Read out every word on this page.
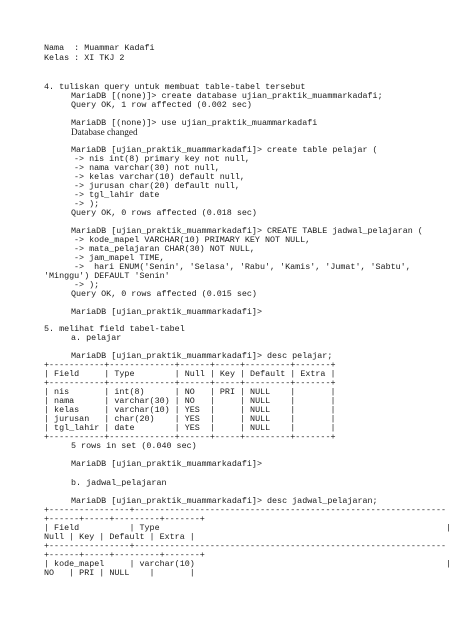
Nama  : Muammar Kadafi
Kelas : XI TKJ 2
4. tuliskan query untuk membuat table-tabel tersebut
MariaDB [(none)]> create database ujian_praktik_muammarkadafi;
Query OK, 1 row affected (0.002 sec)
MariaDB [(none)]> use ujian_praktik_muammarkadafi
Database changed
MariaDB [ujian_praktik_muammarkadafi]> create table pelajar (
-> nis int(8) primary key not null,
-> nama varchar(30) not null,
-> kelas varchar(10) default null,
-> jurusan char(20) default null,
-> tgl_lahir date
-> );
Query OK, 0 rows affected (0.018 sec)
MariaDB [ujian_praktik_muammarkadafi]> CREATE TABLE jadwal_pelajaran (
-> kode_mapel VARCHAR(10) PRIMARY KEY NOT NULL,
-> mata_pelajaran CHAR(30) NOT NULL,
-> jam_mapel TIME,
->  hari ENUM('Senin', 'Selasa', 'Rabu', 'Kamis', 'Jumat', 'Sabtu',
'Minggu') DEFAULT 'Senin'
-> );
Query OK, 0 rows affected (0.015 sec)
MariaDB [ujian_praktik_muammarkadafi]>
5. melihat field tabel-tabel
a. pelajar
MariaDB [ujian_praktik_muammarkadafi]> desc pelajar;
+-----------+-------------+------+-----+---------+-------+
| Field     | Type        | Null | Key | Default | Extra |
+-----------+-------------+------+-----+---------+-------+
| nis       | int(8)      | NO   | PRI | NULL    |       |
| nama      | varchar(30) | NO   |     | NULL    |       |
| kelas     | varchar(10) | YES  |     | NULL    |       |
| jurusan   | char(20)    | YES  |     | NULL    |       |
| tgl_lahir | date        | YES  |     | NULL    |       |
+-----------+-------------+------+-----+---------+-------+
5 rows in set (0.040 sec)
MariaDB [ujian_praktik_muammarkadafi]>
b. jadwal_pelajaran
MariaDB [ujian_praktik_muammarkadafi]> desc jadwal_pelajaran;
+----------------+--------------------------------------------------------------
+------+-----+---------+-------+
| Field          | Type                                                         |
Null | Key | Default | Extra |
+----------------+--------------------------------------------------------------
+------+-----+---------+-------+
| kode_mapel     | varchar(10)                                                  |
NO   | PRI | NULL    |       |
